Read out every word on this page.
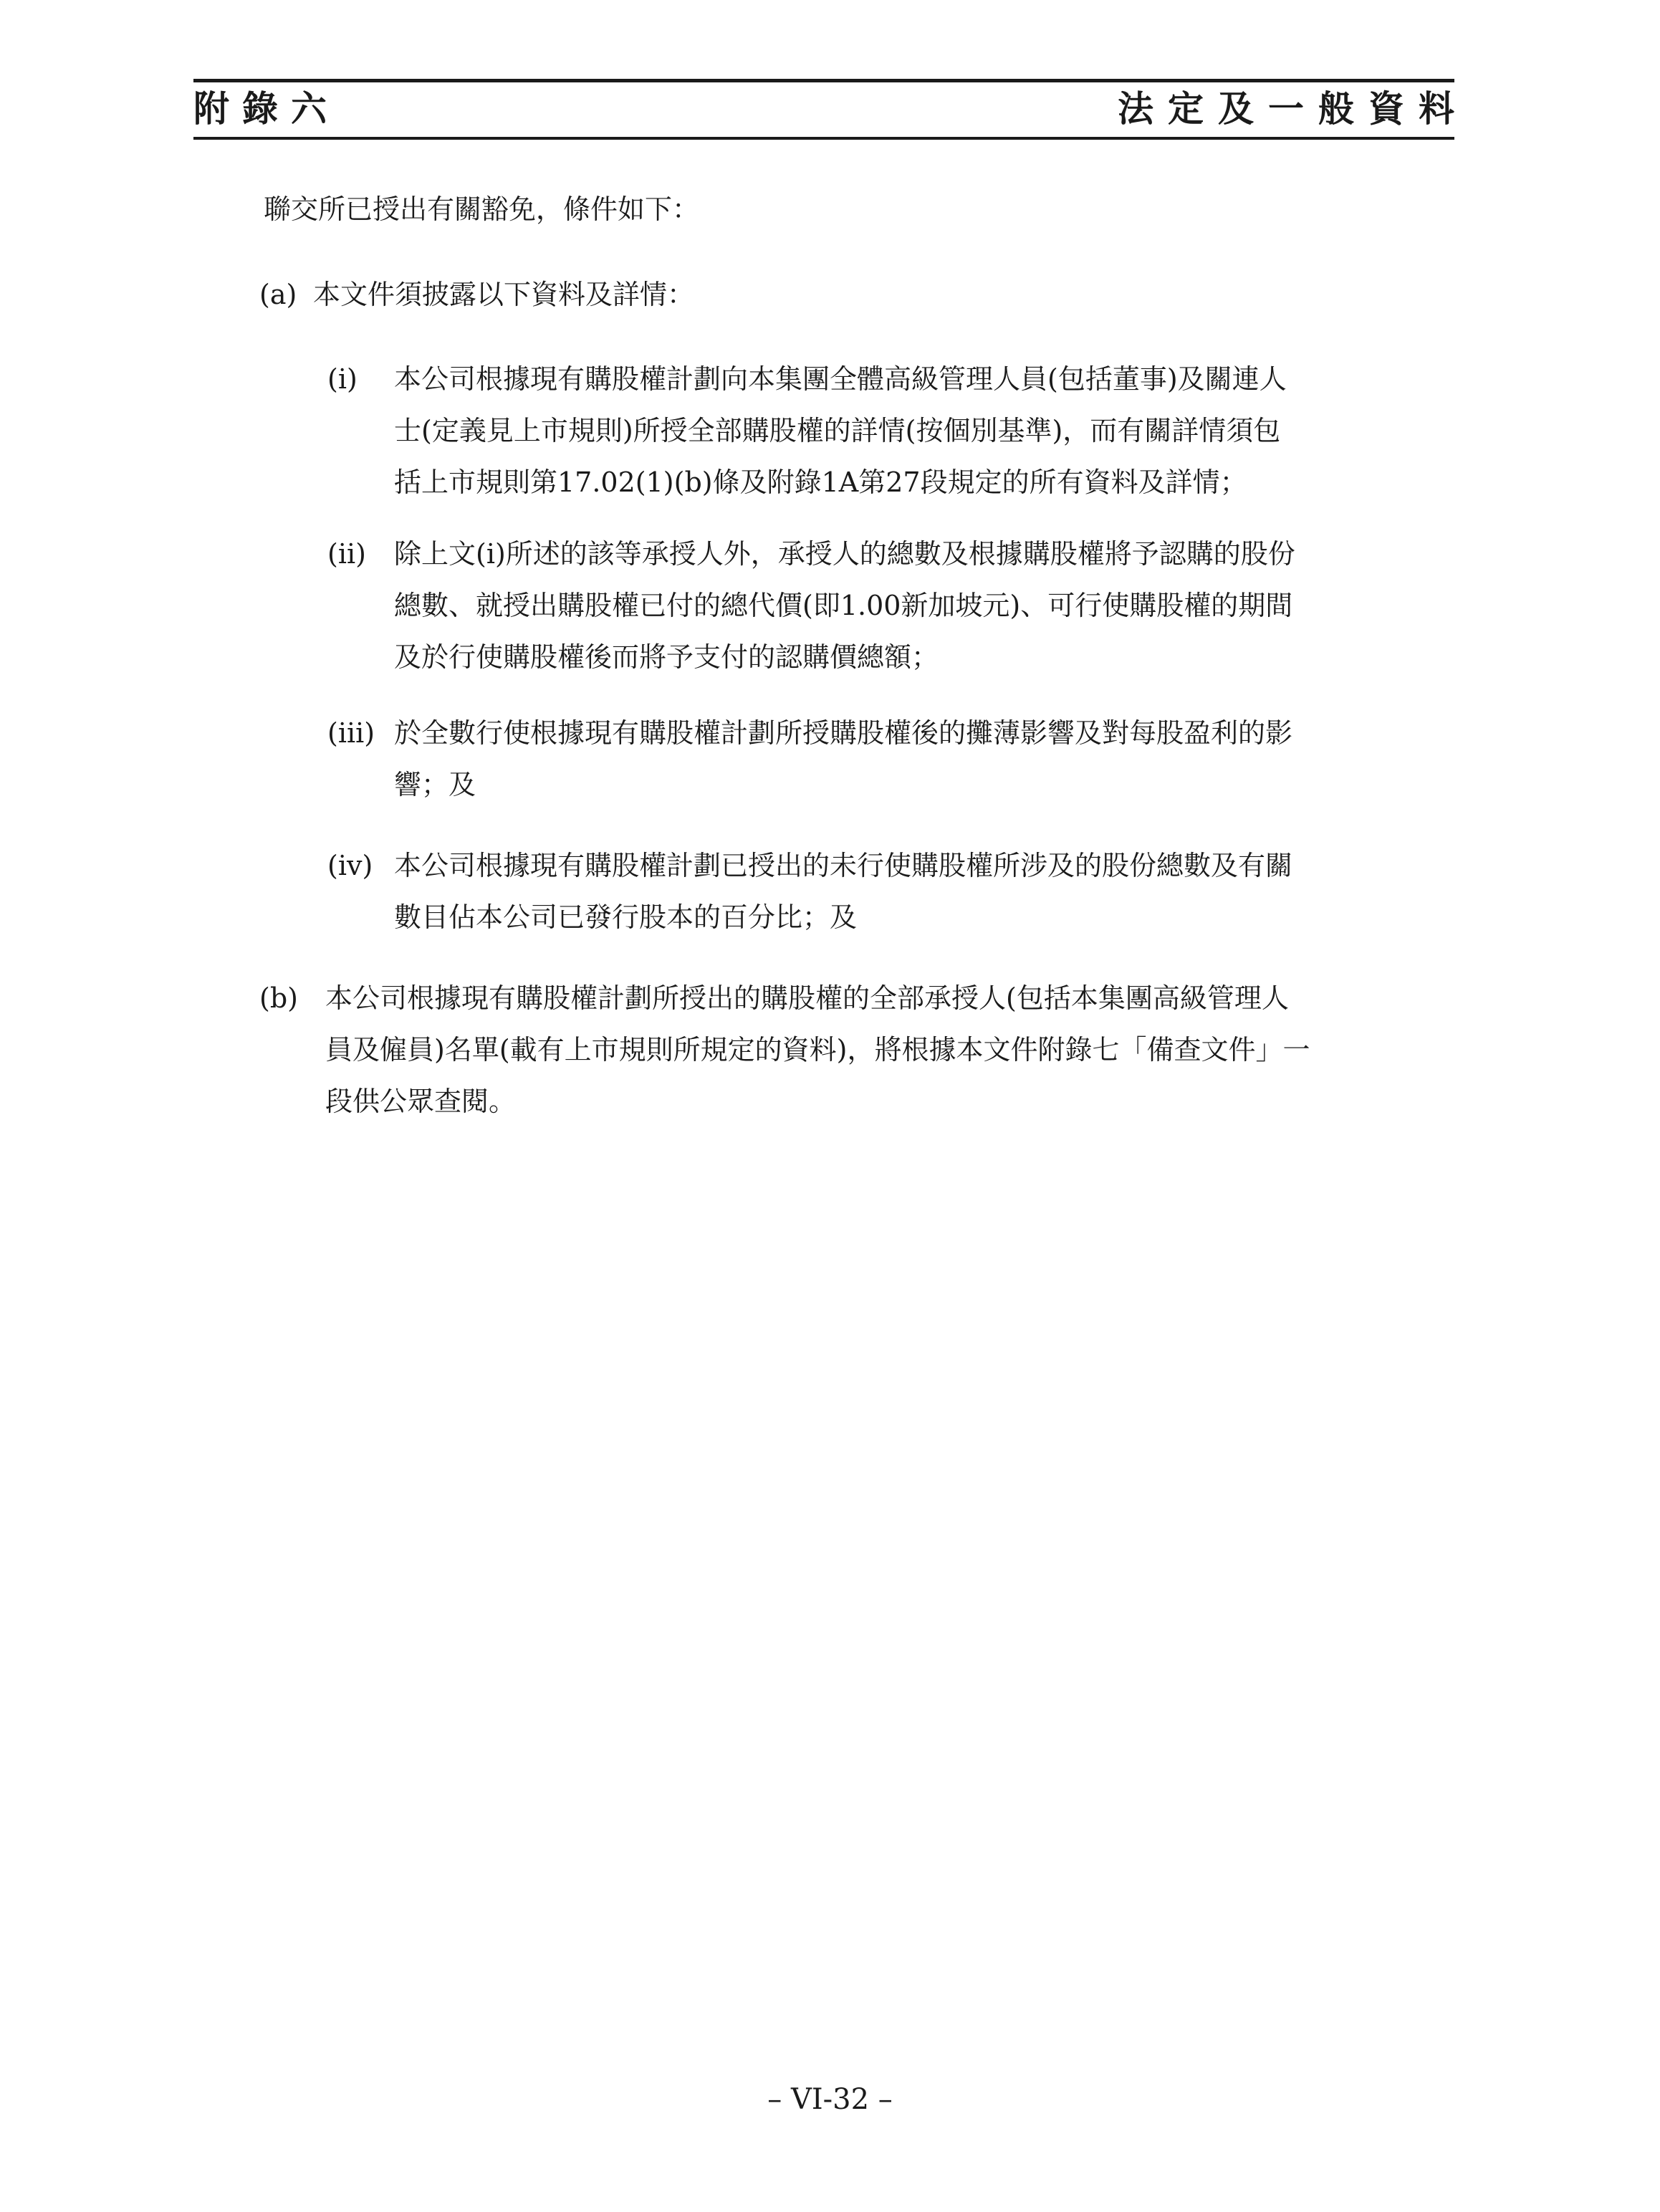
附錄六	法定及一般資料
聯交所已授出有關豁免，條件如下：
(a) 本文件須披露以下資料及詳情：
(i) 本公司根據現有購股權計劃向本集團全體高級管理人員(包括董事)及關連人
士(定義見上市規則)所授全部購股權的詳情(按個別基準)，而有關詳情須包
括上市規則第17.02(1)(b)條及附錄1A第27段規定的所有資料及詳情；
(ii) 除上文(i)所述的該等承授人外，承授人的總數及根據購股權將予認購的股份
總數、就授出購股權已付的總代價(即1.00新加坡元)、可行使購股權的期間
及於行使購股權後而將予支付的認購價總額；
(iii) 於全數行使根據現有購股權計劃所授購股權後的攤薄影響及對每股盈利的影
響；及
(iv) 本公司根據現有購股權計劃已授出的未行使購股權所涉及的股份總數及有關
數目佔本公司已發行股本的百分比；及
(b) 本公司根據現有購股權計劃所授出的購股權的全部承授人(包括本集團高級管理人
員及僱員)名單(載有上市規則所規定的資料)，將根據本文件附錄七「備查文件」一
段供公眾查閱。
– VI-32 –
